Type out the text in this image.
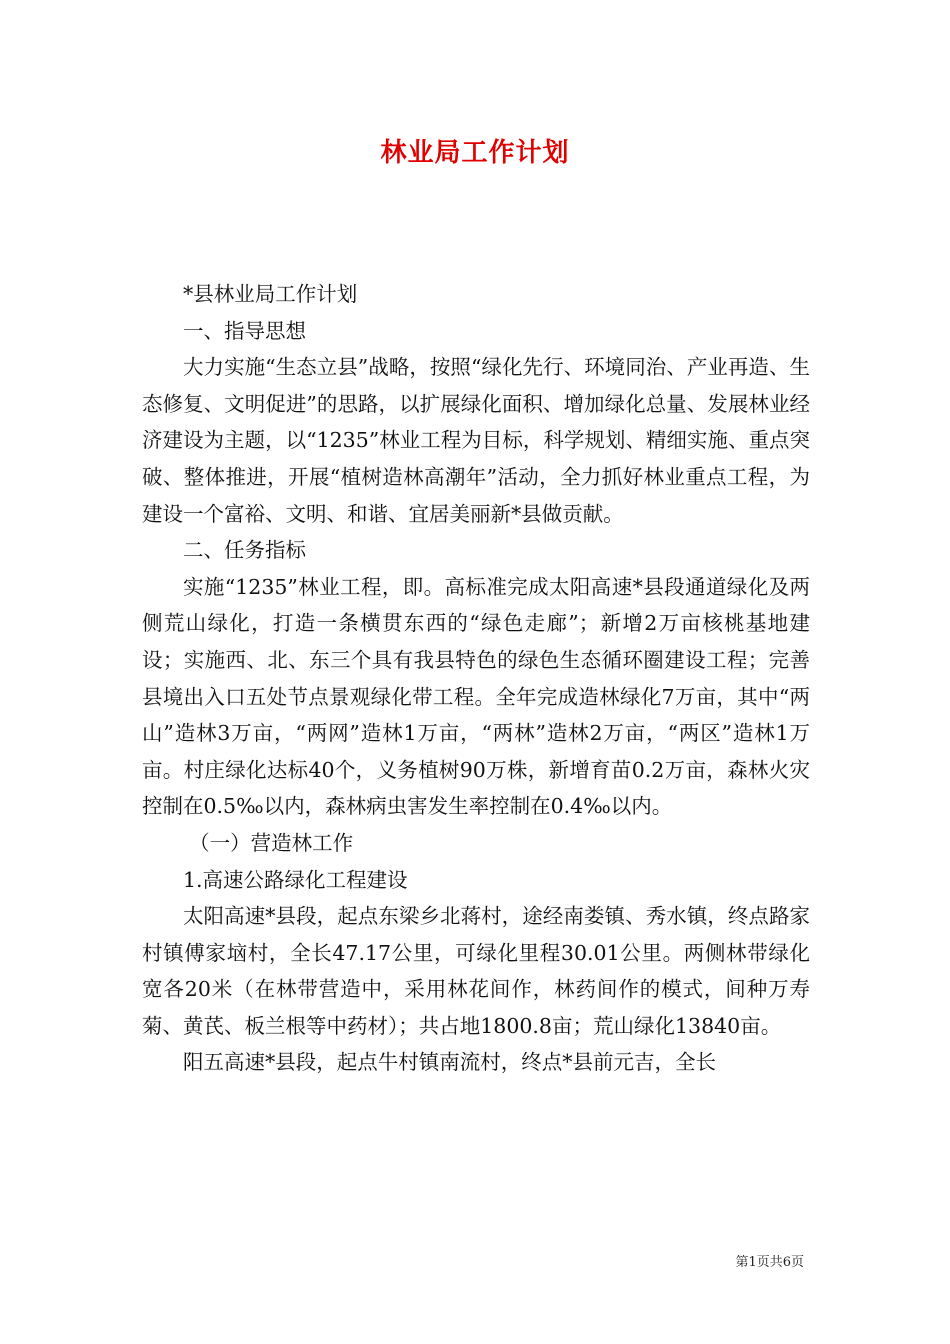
林业局工作计划

*县林业局工作计划

一、指导思想

大力实施“生态立县”战略，按照“绿化先行、环境同治、产业再造、生态修复、文明促进”的思路，以扩展绿化面积、增加绿化总量、发展林业经济建设为主题，以“1235”林业工程为目标，科学规划、精细实施、重点突破、整体推进，开展“植树造林高潮年”活动，全力抓好林业重点工程，为建设一个富裕、文明、和谐、宜居美丽新*县做贡献。

二、任务指标

实施“1235”林业工程，即。高标准完成太阳高速*县段通道绿化及两侧荒山绿化，打造一条横贯东西的“绿色走廊”；新增2万亩核桃基地建设；实施西、北、东三个具有我县特色的绿色生态循环圈建设工程；完善县境出入口五处节点景观绿化带工程。全年完成造林绿化7万亩，其中“两山”造林3万亩，“两网”造林1万亩，“两林”造林2万亩，“两区”造林1万亩。村庄绿化达标40个，义务植树90万株，新增育苗0.2万亩，森林火灾控制在0.5‰以内，森林病虫害发生率控制在0.4‰以内。

（一）营造林工作

1.高速公路绿化工程建设

太阳高速*县段，起点东梁乡北蒋村，途经南娄镇、秀水镇，终点路家村镇傅家垴村，全长47.17公里，可绿化里程30.01公里。两侧林带绿化宽各20米（在林带营造中，采用林花间作，林药间作的模式，间种万寿菊、黄芪、板兰根等中药材）；共占地1800.8亩；荒山绿化13840亩。

阳五高速*县段，起点牛村镇南流村，终点*县前元吉，全长

第1页共6页
